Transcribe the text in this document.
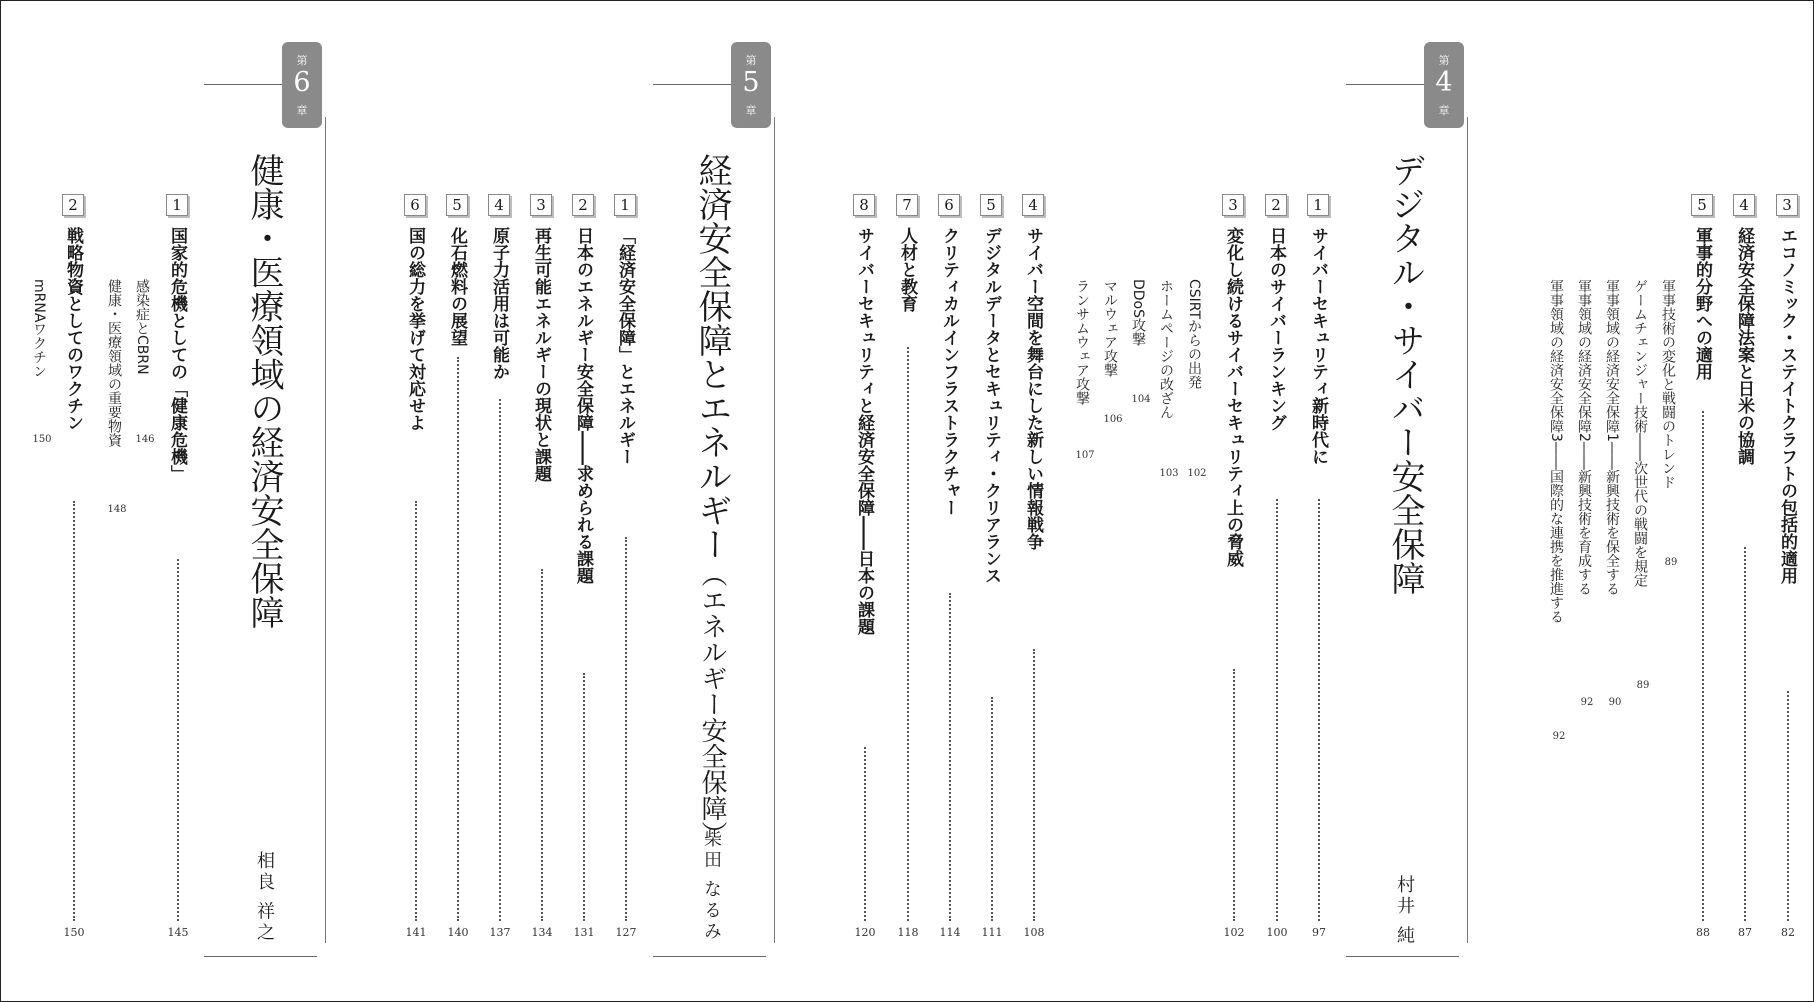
3
エコノミック・ステイトクラフトの包括的適用
82
4
経済安全保障法案と日米の協調
87
5
軍事的分野への適用
88
軍事技術の変化と戦闘のトレンド
89
ゲームチェンジャー技術――次世代の戦闘を規定
89
軍事領域の経済安全保障1――新興技術を保全する
90
軍事領域の経済安全保障2――新興技術を育成する
92
軍事領域の経済安全保障3――国際的な連携を推進する
92
第
4
章
デジタル・サイバー安全保障
村井 純
1
サイバーセキュリティ新時代に
97
2
日本のサイバーランキング
100
3
変化し続けるサイバーセキュリティ上の脅威
102
CSIRTからの出発
102
ホームページの改ざん
103
DDoS攻撃
104
マルウェア攻撃
106
ランサムウェア攻撃
107
4
サイバー空間を舞台にした新しい情報戦争
108
5
デジタルデータとセキュリティ・クリアランス
111
6
クリティカルインフラストラクチャー
114
7
人材と教育
118
8
サイバーセキュリティと経済安全保障――日本の課題
120
第
5
章
経済安全保障とエネルギー（エネルギー安全保障）
柴田 なるみ
1
「経済安全保障」とエネルギー
127
2
日本のエネルギー安全保障――求められる課題
131
3
再生可能エネルギーの現状と課題
134
4
原子力活用は可能か
137
5
化石燃料の展望
140
6
国の総力を挙げて対応せよ
141
第
6
章
健康・医療領域の経済安全保障
相良 祥之
1
国家的危機としての「健康危機」
145
感染症とCBRN
146
健康・医療領域の重要物資
148
2
戦略物資としてのワクチン
150
mRNAワクチン
150
